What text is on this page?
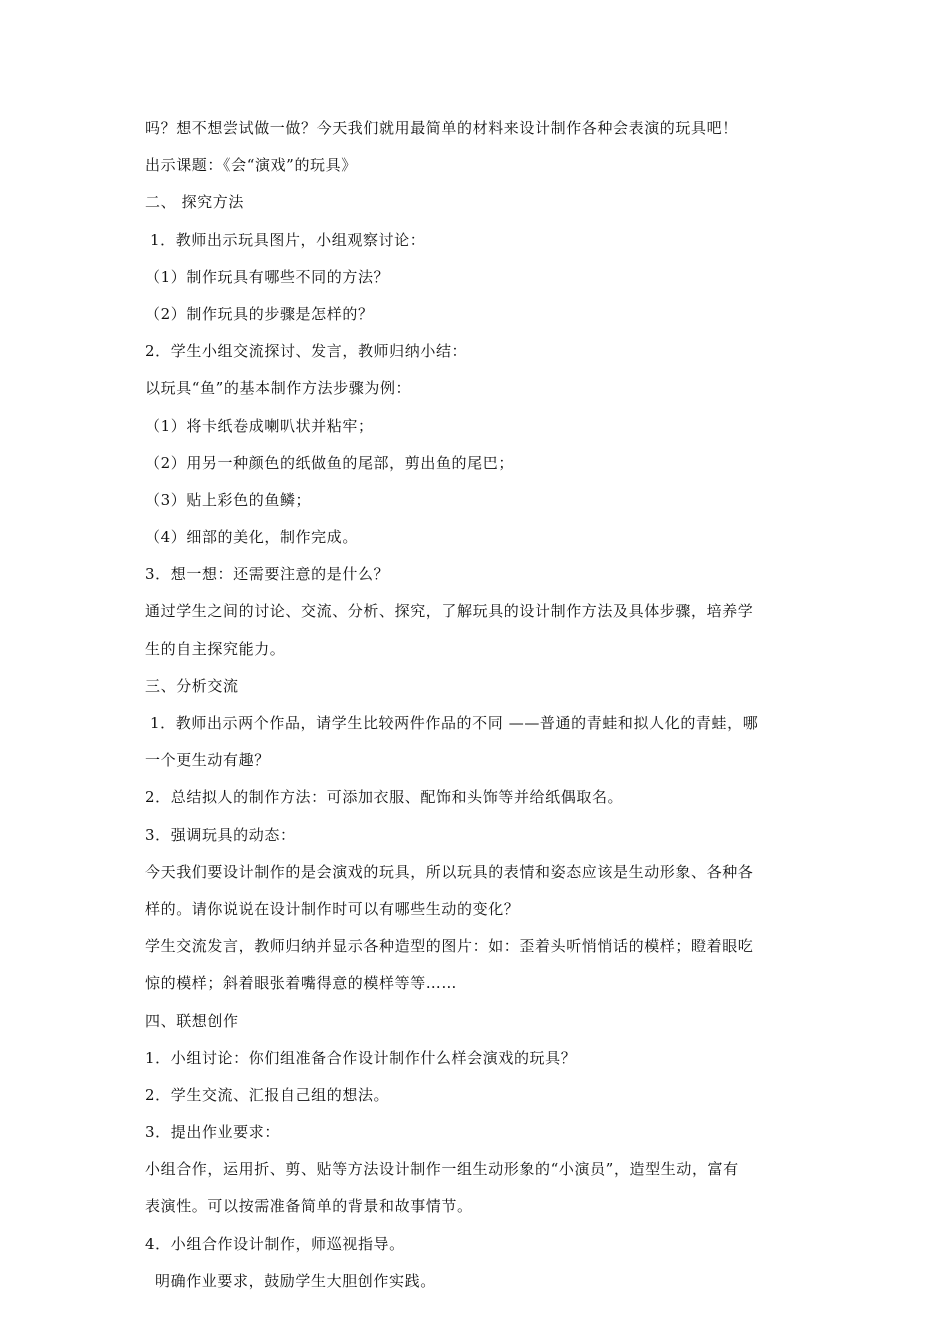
吗？想不想尝试做一做？今天我们就用最简单的材料来设计制作各种会表演的玩具吧！
出示课题：《会“演戏”的玩具》
二、 探究方法
1．教师出示玩具图片，小组观察讨论：
（1）制作玩具有哪些不同的方法？
（2）制作玩具的步骤是怎样的？
2．学生小组交流探讨、发言，教师归纳小结：
以玩具“鱼”的基本制作方法步骤为例：
（1）将卡纸卷成喇叭状并粘牢；
（2）用另一种颜色的纸做鱼的尾部，剪出鱼的尾巴；
（3）贴上彩色的鱼鳞；
（4）细部的美化，制作完成。
3．想一想：还需要注意的是什么？
通过学生之间的讨论、交流、分析、探究，了解玩具的设计制作方法及具体步骤，培养学
生的自主探究能力。
三、分析交流
1．教师出示两个作品，请学生比较两件作品的不同 ——普通的青蛙和拟人化的青蛙，哪
一个更生动有趣？
2．总结拟人的制作方法：可添加衣服、配饰和头饰等并给纸偶取名。
3．强调玩具的动态：
今天我们要设计制作的是会演戏的玩具，所以玩具的表情和姿态应该是生动形象、各种各
样的。请你说说在设计制作时可以有哪些生动的变化？
学生交流发言，教师归纳并显示各种造型的图片：如：歪着头听悄悄话的模样；瞪着眼吃
惊的模样；斜着眼张着嘴得意的模样等等……
四、联想创作
1．小组讨论：你们组准备合作设计制作什么样会演戏的玩具？
2．学生交流、汇报自己组的想法。
3．提出作业要求：
小组合作，运用折、剪、贴等方法设计制作一组生动形象的“小演员”，造型生动，富有
表演性。可以按需准备简单的背景和故事情节。
4．小组合作设计制作，师巡视指导。
明确作业要求，鼓励学生大胆创作实践。
